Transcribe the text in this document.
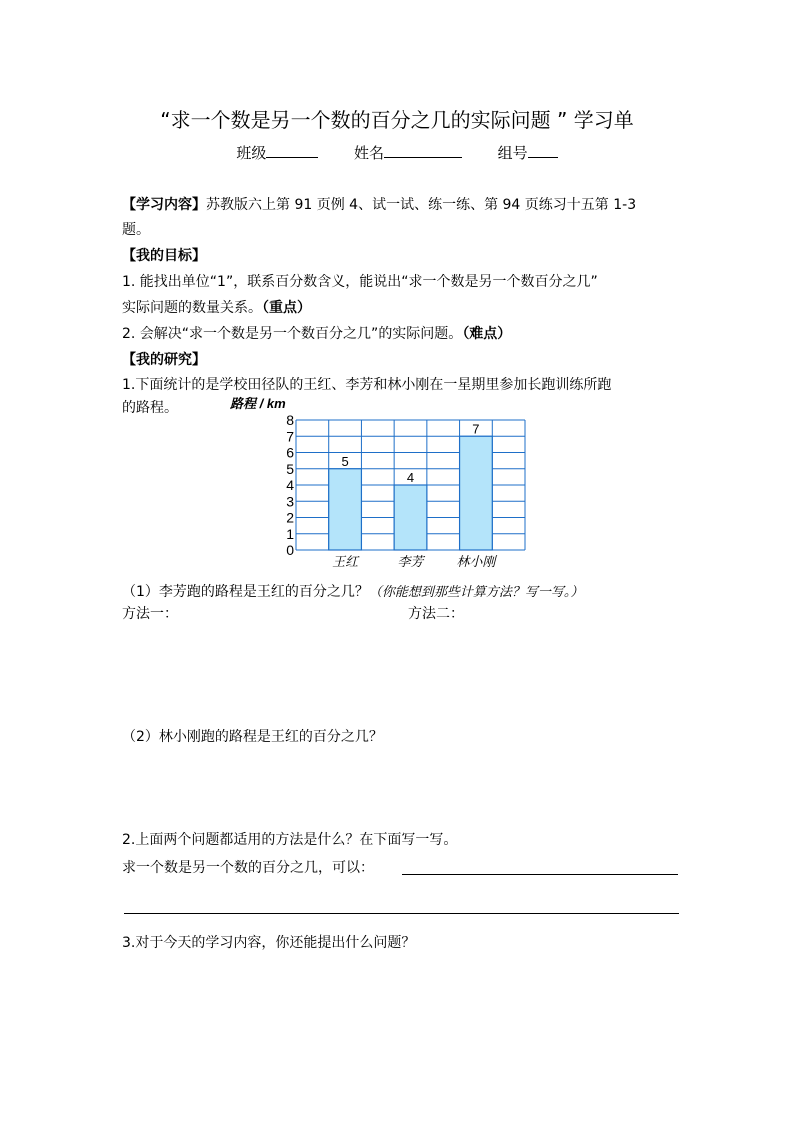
“求一个数是另一个数的百分之几的实际问题 ” 学习单
班级	姓名	组号
【学习内容】苏教版六上第 91 页例 4、试一试、练一练、第 94 页练习十五第 1-3
题。
【我的目标】
1. 能找出单位“1”，联系百分数含义，能说出“求一个数是另一个数百分之几”
实际问题的数量关系。（重点）
2. 会解决“求一个数是另一个数百分之几”的实际问题。（难点）
【我的研究】
1.下面统计的是学校田径队的王红、李芳和林小刚在一星期里参加长跑训练所跑
的路程。	路程 / km
5
王红
4
李芳
7
林小刚
0
1
2
3
4
5
6
7
8
（1）李芳跑的路程是王红的百分之几？（你能想到那些计算方法？写一写。）
方法一：	方法二：
（2）林小刚跑的路程是王红的百分之几？
2.上面两个问题都适用的方法是什么？在下面写一写。
求一个数是另一个数的百分之几，可以：
3.对于今天的学习内容，你还能提出什么问题？
